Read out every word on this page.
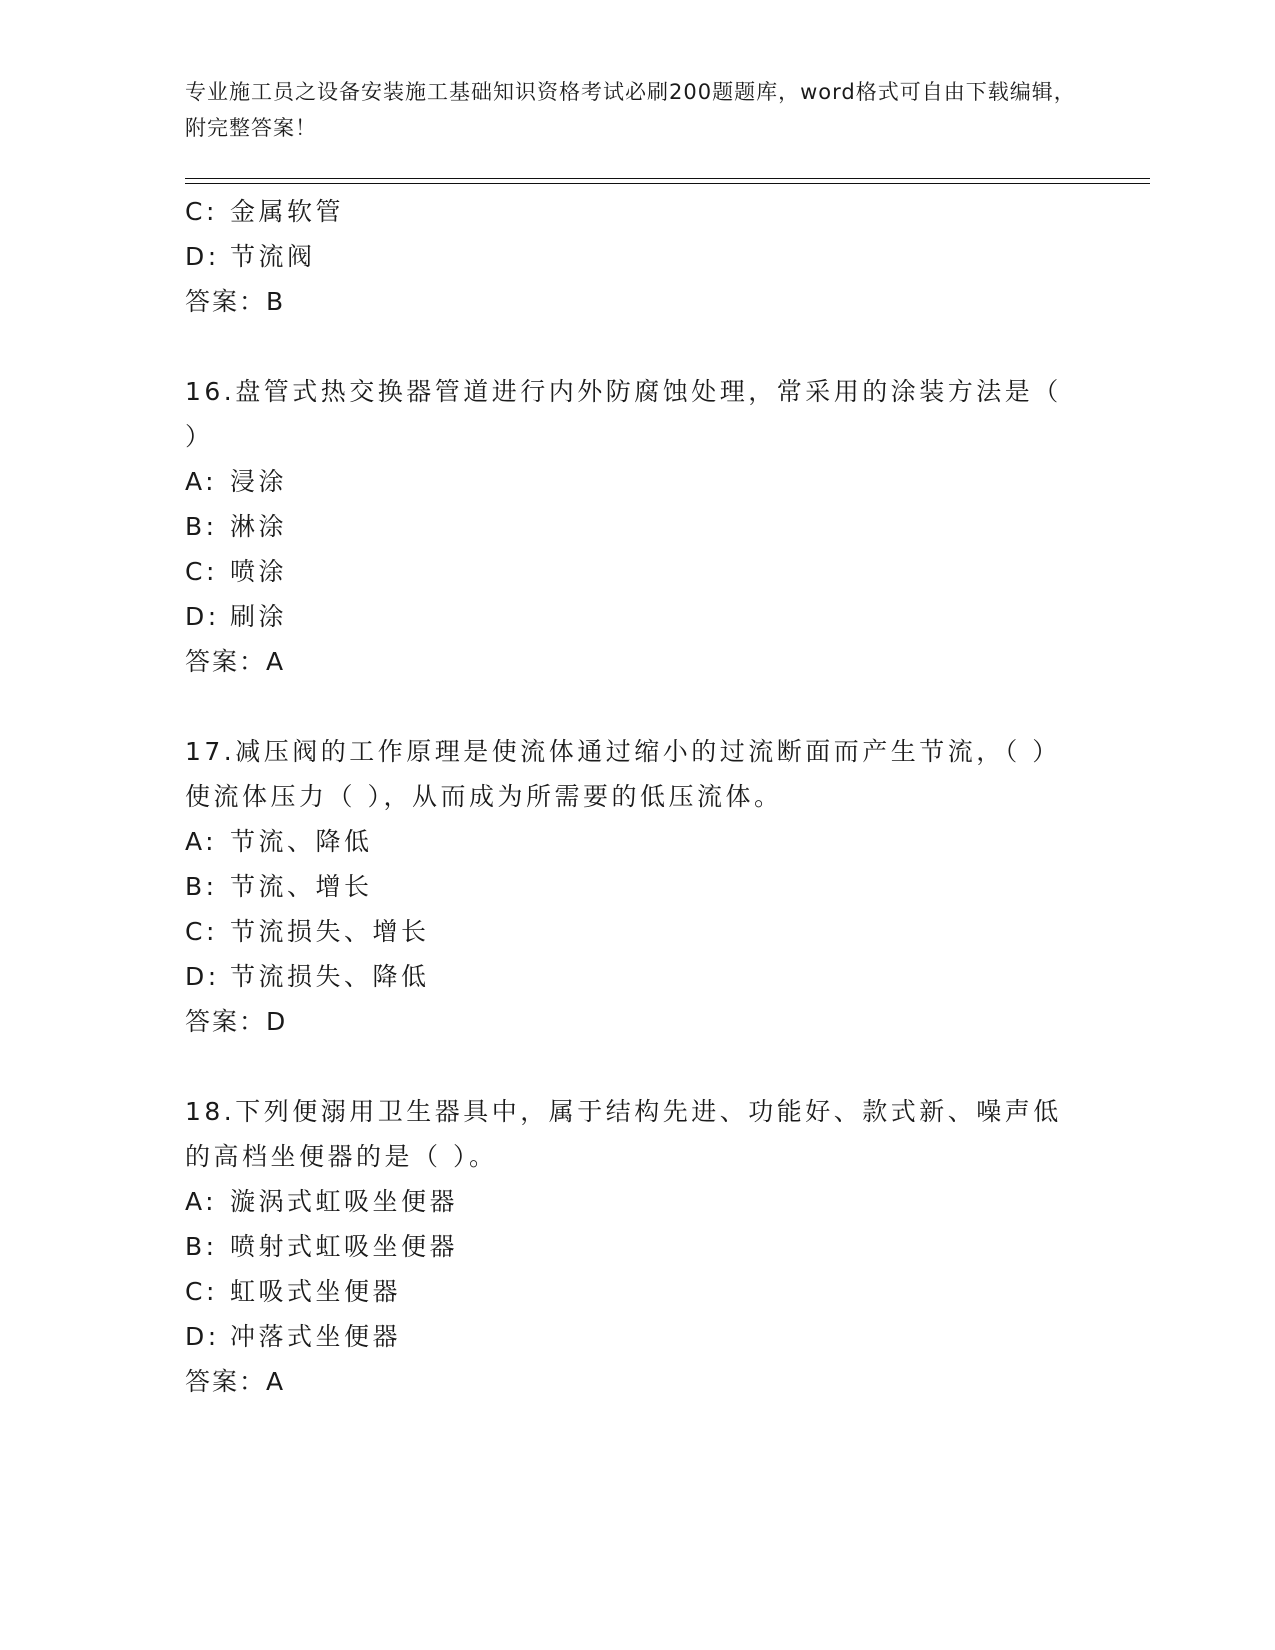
专业施工员之设备安装施工基础知识资格考试必刷200题题库，word格式可自由下载编辑，附完整答案！
C: 金属软管
D: 节流阀
答案：B
16.盘管式热交换器管道进行内外防腐蚀处理，常采用的涂装方法是（ ）
A: 浸涂
B: 淋涂
C: 喷涂
D: 刷涂
答案：A
17.减压阀的工作原理是使流体通过缩小的过流断面而产生节流，（ ）使流体压力（ ），从而成为所需要的低压流体。
A: 节流、降低
B: 节流、增长
C: 节流损失、增长
D: 节流损失、降低
答案：D
18.下列便溺用卫生器具中，属于结构先进、功能好、款式新、噪声低的高档坐便器的是（ ）。
A: 漩涡式虹吸坐便器
B: 喷射式虹吸坐便器
C: 虹吸式坐便器
D: 冲落式坐便器
答案：A
